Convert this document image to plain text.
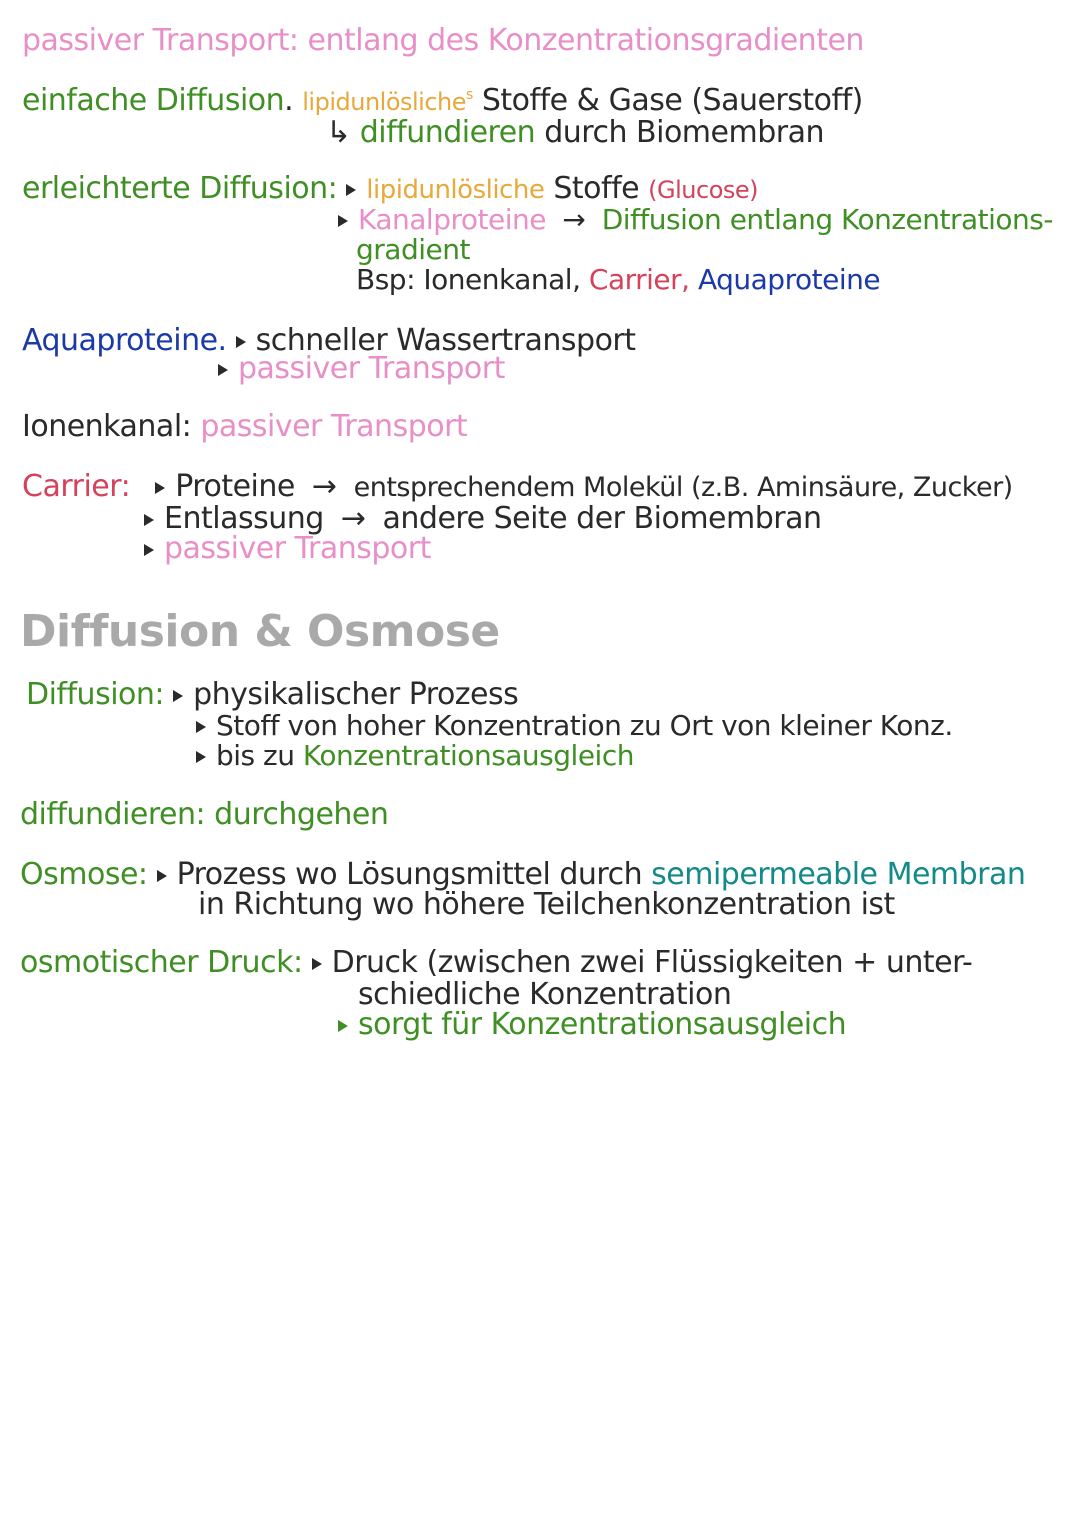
passiver Transport: entlang des Konzentrationsgradienten
einfache Diffusion. lipidunlösliche$^s$ Stoffe & Gase (Sauerstoff)
↳ diffundieren durch Biomembran
erleichterte Diffusion: lipidunlösliche Stoffe (Glucose)
Kanalproteine → Diffusion entlang Konzentrations-
gradient
Bsp: Ionenkanal, Carrier, Aquaproteine
Aquaproteine. schneller Wassertransport
passiver Transport
Ionenkanal: passiver Transport
Carrier: Proteine → entsprechendem Molekül (z.B. Aminsäure, Zucker)
Entlassung → andere Seite der Biomembran
passiver Transport
Diffusion & Osmose
Diffusion: physikalischer Prozess
Stoff von hoher Konzentration zu Ort von kleiner Konz.
bis zu Konzentrationsausgleich
diffundieren: durchgehen
Osmose: Prozess wo Lösungsmittel durch semipermeable Membran
in Richtung wo höhere Teilchenkonzentration ist
osmotischer Druck: Druck (zwischen zwei Flüssigkeiten + unter-
schiedliche Konzentration
sorgt für Konzentrationsausgleich
